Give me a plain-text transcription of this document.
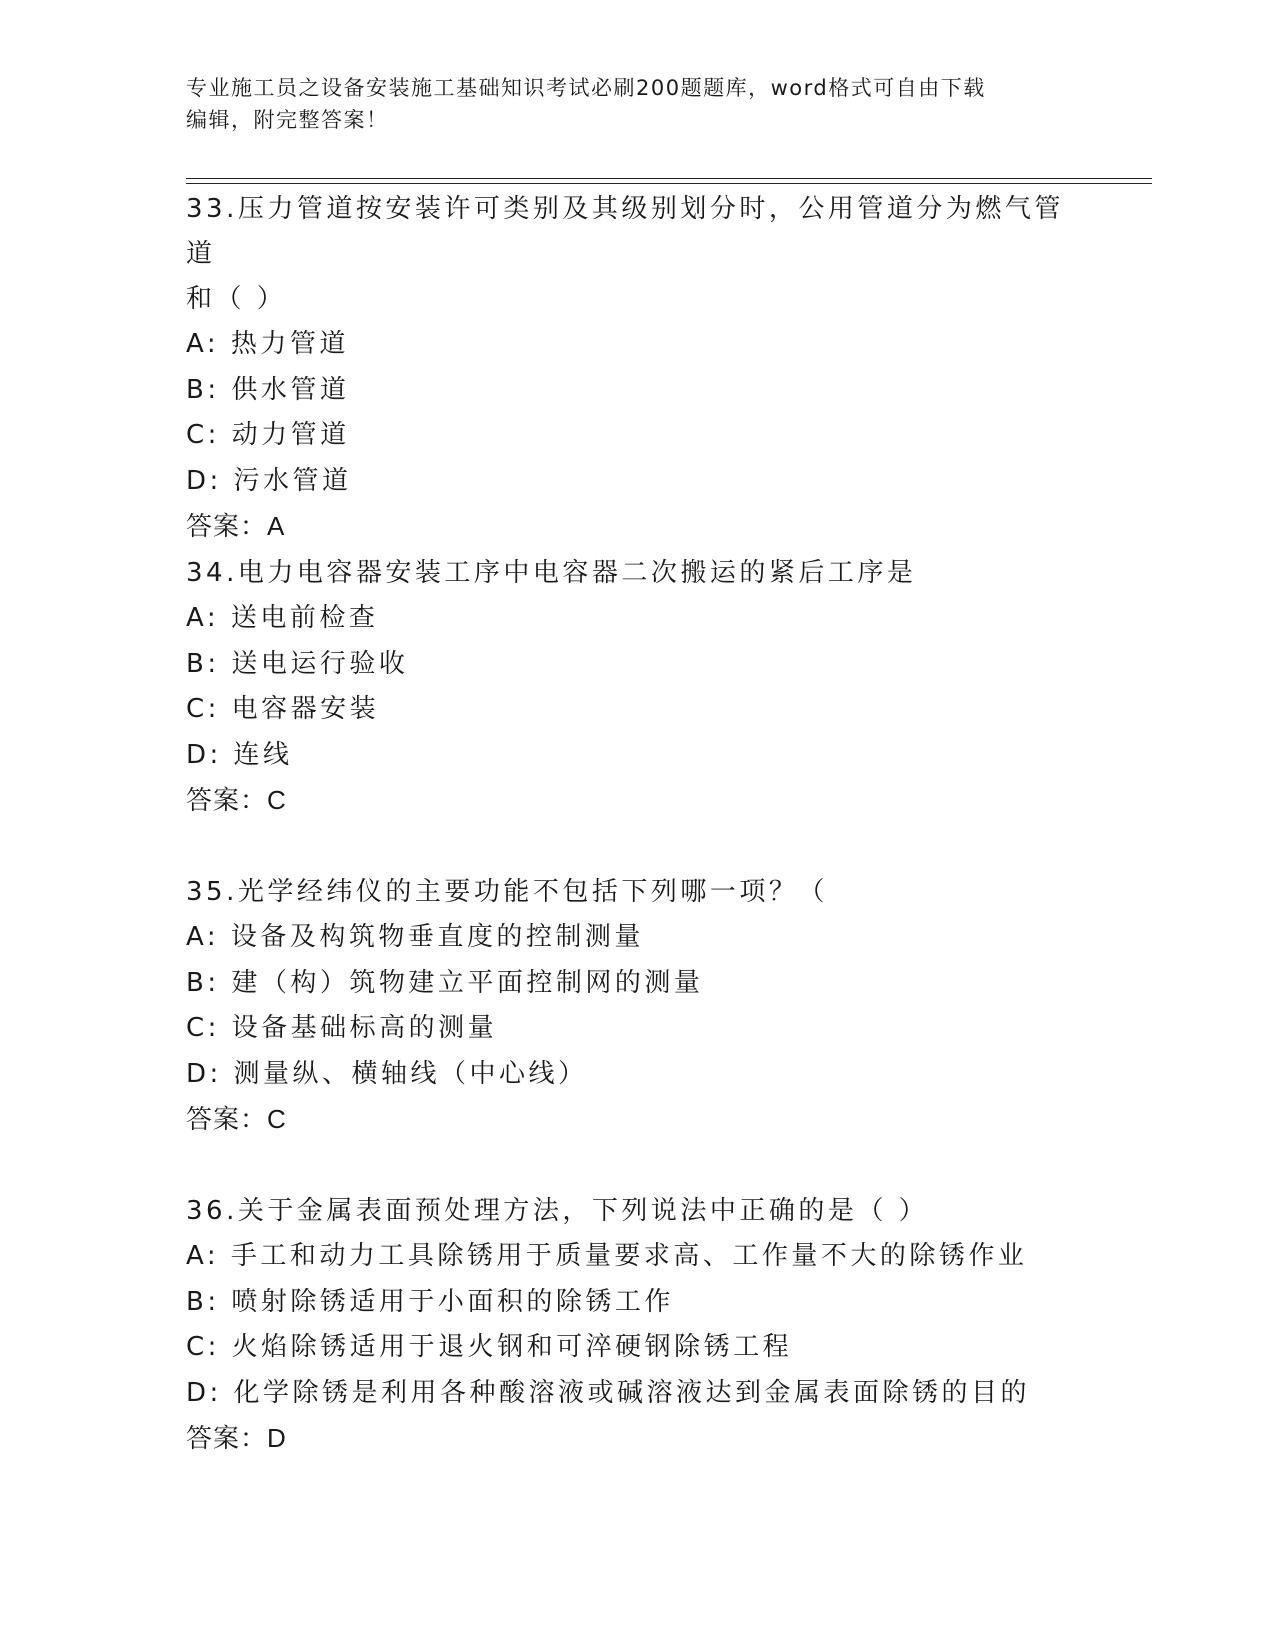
专业施工员之设备安装施工基础知识考试必刷200题题库，word格式可自由下载
编辑，附完整答案！

33.压力管道按安装许可类别及其级别划分时，公用管道分为燃气管道

和（ ）

A: 热力管道

B: 供水管道

C: 动力管道

D: 污水管道

答案：A

34.电力电容器安装工序中电容器二次搬运的紧后工序是

A: 送电前检查

B: 送电运行验收

C: 电容器安装

D: 连线

答案：C

35.光学经纬仪的主要功能不包括下列哪一项？（

A: 设备及构筑物垂直度的控制测量

B: 建（构）筑物建立平面控制网的测量

C: 设备基础标高的测量

D: 测量纵、横轴线（中心线）

答案：C

36.关于金属表面预处理方法，下列说法中正确的是（ ）

A: 手工和动力工具除锈用于质量要求高、工作量不大的除锈作业

B: 喷射除锈适用于小面积的除锈工作

C: 火焰除锈适用于退火钢和可淬硬钢除锈工程

D: 化学除锈是利用各种酸溶液或碱溶液达到金属表面除锈的目的

答案：D
